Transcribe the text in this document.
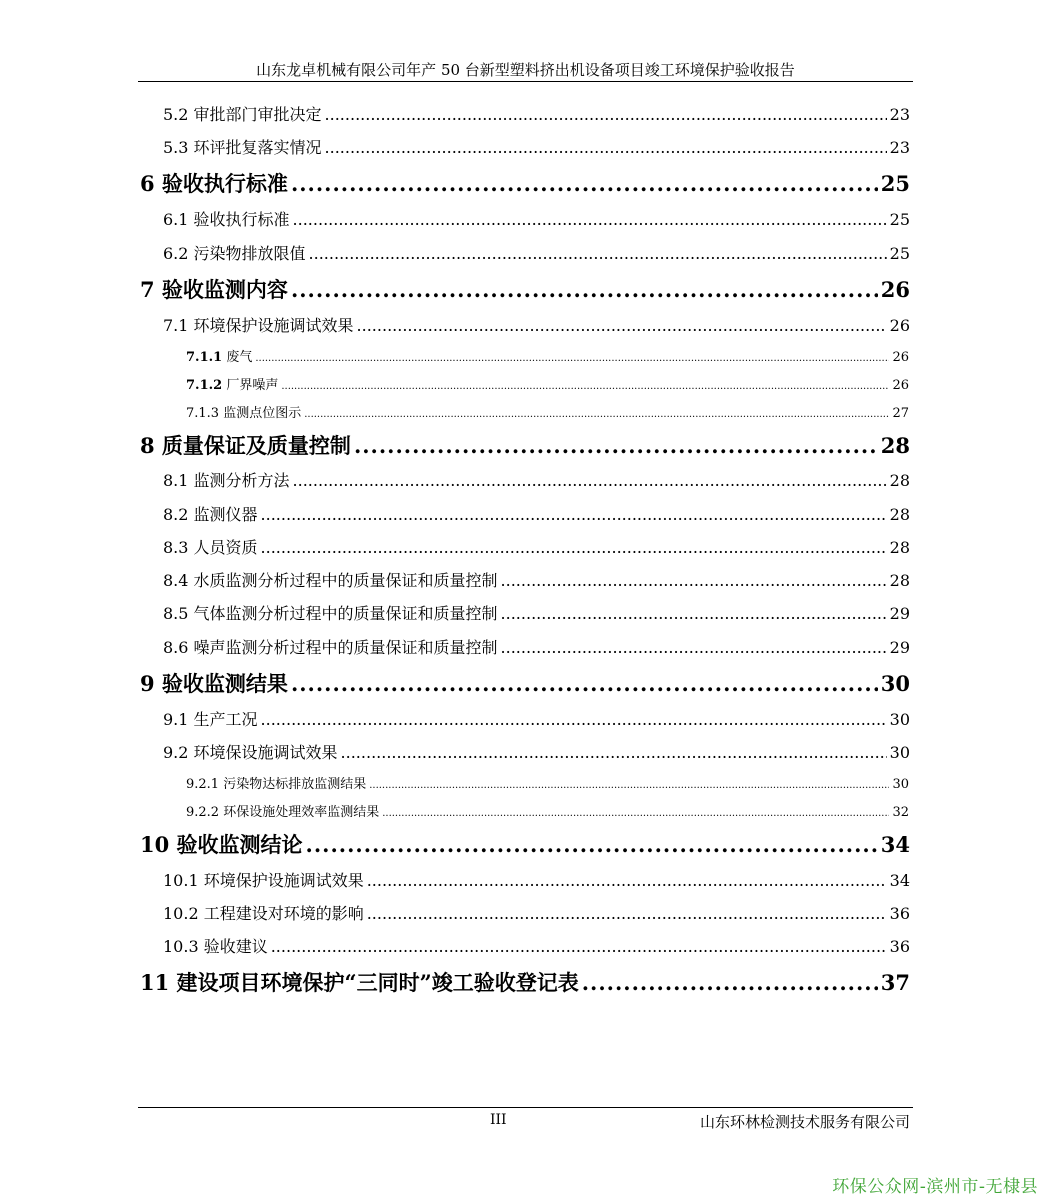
山东龙卓机械有限公司年产 50 台新型塑料挤出机设备项目竣工环境保护验收报告
5.2 审批部门审批决定 .....	23
5.3 环评批复落实情况 .....	23
6 验收执行标准 .....	25
6.1 验收执行标准 .....	25
6.2 污染物排放限值 .....	25
7 验收监测内容 .....	26
7.1 环境保护设施调试效果 .....	26
7.1.1 废气 .....	26
7.1.2 厂界噪声 .....	26
7.1.3 监测点位图示 .....	27
8 质量保证及质量控制 .....	28
8.1 监测分析方法 .....	28
8.2 监测仪器 .....	28
8.3 人员资质 .....	28
8.4 水质监测分析过程中的质量保证和质量控制 .....	28
8.5 气体监测分析过程中的质量保证和质量控制 .....	29
8.6 噪声监测分析过程中的质量保证和质量控制 .....	29
9 验收监测结果 .....	30
9.1 生产工况 .....	30
9.2 环境保设施调试效果 .....	30
9.2.1 污染物达标排放监测结果 .....	30
9.2.2 环保设施处理效率监测结果 .....	32
10 验收监测结论 .....	34
10.1 环境保护设施调试效果 .....	34
10.2 工程建设对环境的影响 .....	36
10.3 验收建议 .....	36
11 建设项目环境保护“三同时”竣工验收登记表 .....	37
III	山东环林检测技术服务有限公司
环保公众网-滨州市-无棣县
